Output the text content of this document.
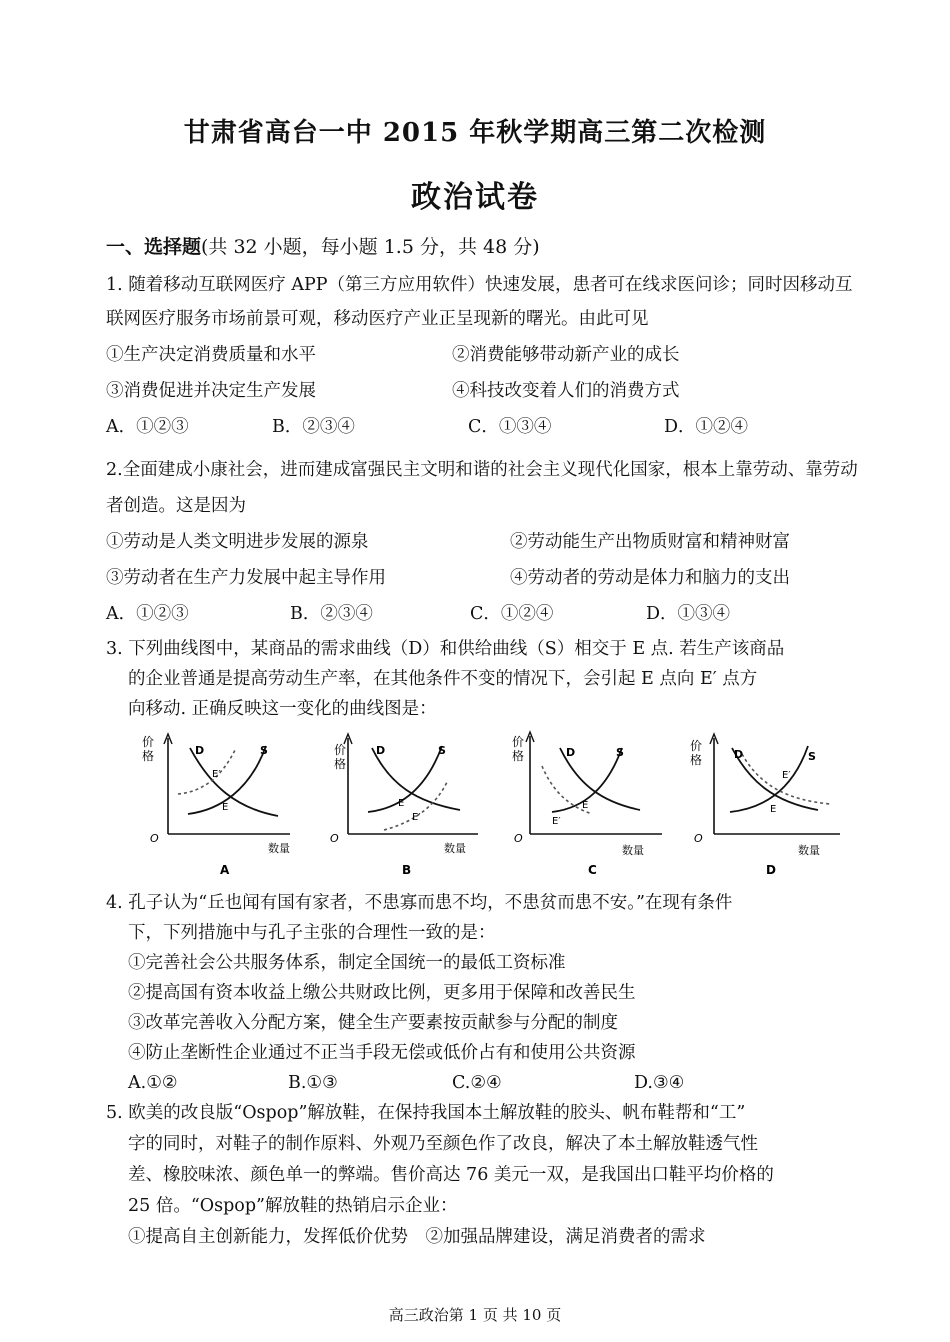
甘肃省高台一中 2015 年秋学期高三第二次检测
政治试卷
一、选择题(共 32 小题，每小题 1.5 分，共 48 分)

1. 随着移动互联网医疗 APP（第三方应用软件）快速发展，患者可在线求医问诊；同时因移动互联网医疗服务市场前景可观，移动医疗产业正呈现新的曙光。由此可见

①生产决定消费质量和水平	②消费能够带动新产业的成长
③消费促进并决定生产发展	④科技改变着人们的消费方式
A．①②③	B．②③④	C．①③④	D．①②④

2.全面建成小康社会，进而建成富强民主文明和谐的社会主义现代化国家，根本上靠劳动、靠劳动者创造。这是因为

①劳动是人类文明进步发展的源泉	②劳动能生产出物质财富和精神财富
③劳动者在生产力发展中起主导作用	④劳动者的劳动是体力和脑力的支出
A．①②③	B．②③④	C．①②④	D．①③④

3. 下列曲线图中，某商品的需求曲线（D）和供给曲线（S）相交于 E 点. 若生产该商品

的企业普通是提高劳动生产率，在其他条件不变的情况下，会引起 E 点向 E′ 点方

向移动. 正确反映这一变化的曲线图是：

价
格	D	S
E′
E
O
数量
A
价
格
D	S
E
E′
O
数量
B
价
格	D	S
E
E′
O
数量
C
价
格	D	S
E′
E
O
数量
D

4. 孔子认为“丘也闻有国有家者，不患寡而患不均，不患贫而患不安。”在现有条件

下，下列措施中与孔子主张的合理性一致的是：

①完善社会公共服务体系，制定全国统一的最低工资标准

②提高国有资本收益上缴公共财政比例，更多用于保障和改善民生

③改革完善收入分配方案，健全生产要素按贡献参与分配的制度

④防止垄断性企业通过不正当手段无偿或低价占有和使用公共资源

A.①②	B.①③	C.②④	D.③④

5. 欧美的改良版“Ospop”解放鞋，在保持我国本土解放鞋的胶头、帆布鞋帮和“工”

字的同时，对鞋子的制作原料、外观乃至颜色作了改良，解决了本土解放鞋透气性

差、橡胶味浓、颜色单一的弊端。售价高达 76 美元一双，是我国出口鞋平均价格的

25 倍。“Ospop”解放鞋的热销启示企业：

①提高自主创新能力，发挥低价优势　②加强品牌建设，满足消费者的需求

高三政治第 1 页 共 10 页
